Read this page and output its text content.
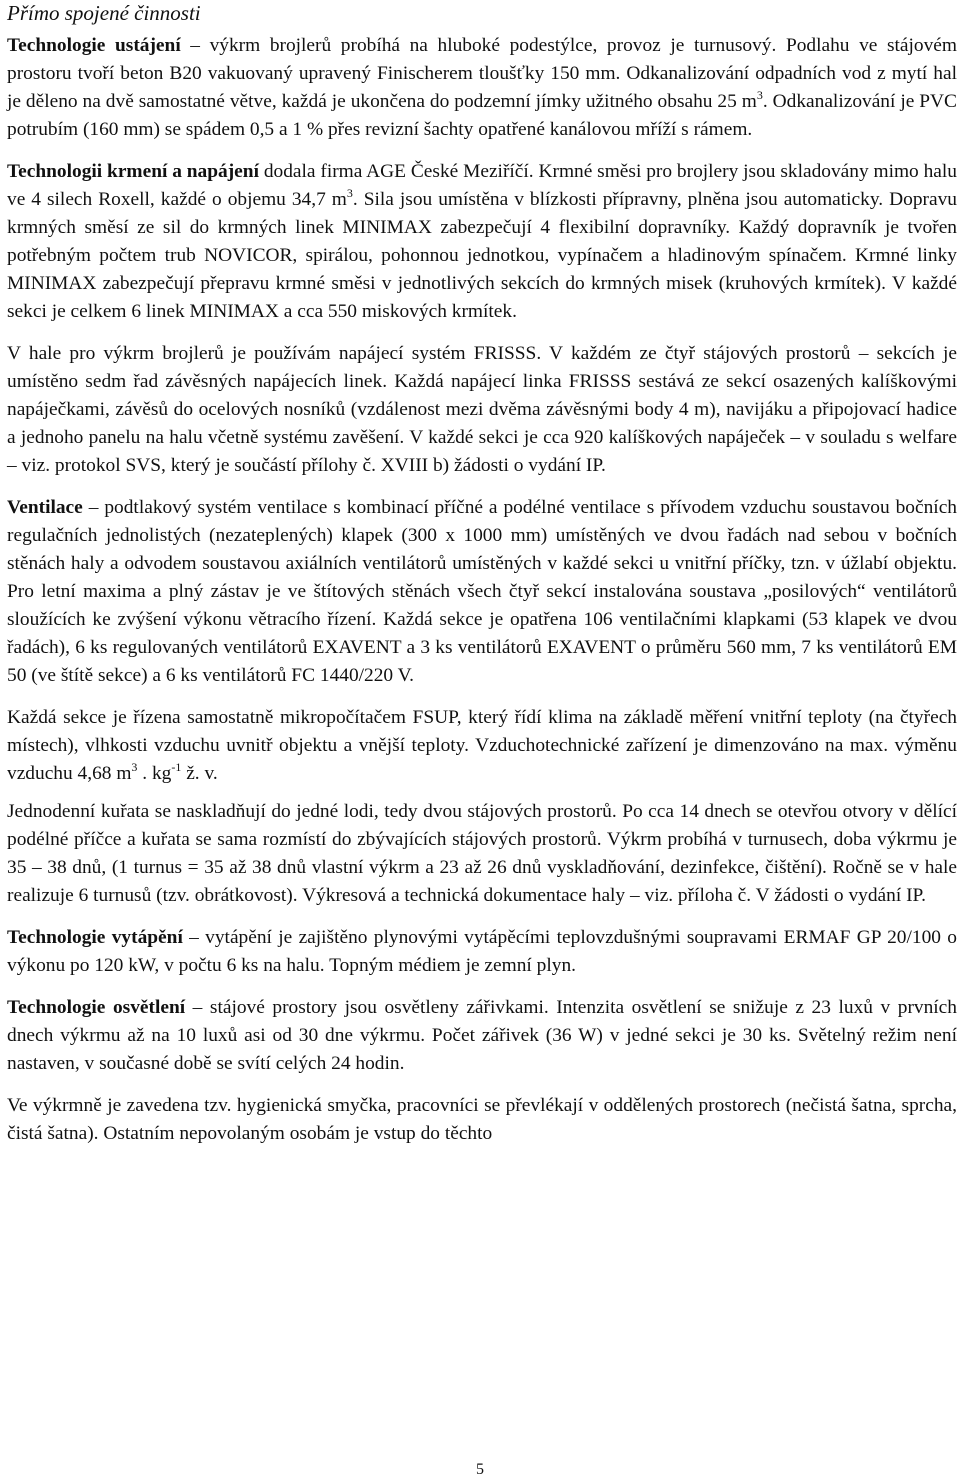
Přímo spojené činnosti

Technologie ustájení – výkrm brojlerů probíhá na hluboké podestýlce, provoz je turnusový. Podlahu ve stájovém prostoru tvoří beton B20 vakuovaný upravený Finischerem tloušťky 150 mm. Odkanalizování odpadních vod z mytí hal je děleno na dvě samostatné větve, každá je ukončena do podzemní jímky užitného obsahu 25 $m^3$. Odkanalizování je PVC potrubím (160 mm) se spádem 0,5 a 1 % přes revizní šachty opatřené kanálovou mříží s rámem.

Technologii krmení a napájení dodala firma AGE České Meziříčí. Krmné směsi pro brojlery jsou skladovány mimo halu ve 4 silech Roxell, každé o objemu 34,7 $m^3$. Sila jsou umístěna v blízkosti přípravny, plněna jsou automaticky. Dopravu krmných směsí ze sil do krmných linek MINIMAX zabezpečují 4 flexibilní dopravníky. Každý dopravník je tvořen potřebným počtem trub NOVICOR, spirálou, pohonnou jednotkou, vypínačem a hladinovým spínačem. Krmné linky MINIMAX zabezpečují přepravu krmné směsi v jednotlivých sekcích do krmných misek (kruhových krmítek). V každé sekci je celkem 6 linek MINIMAX a cca 550 miskových krmítek.

V hale pro výkrm brojlerů je používám napájecí systém FRISSS. V každém ze čtyř stájových prostorů – sekcích je umístěno sedm řad závěsných napájecích linek. Každá napájecí linka FRISSS sestává ze sekcí osazených kalíškovými napáječkami, závěsů do ocelových nosníků (vzdálenost mezi dvěma závěsnými body 4 m), navijáku a připojovací hadice a jednoho panelu na halu včetně systému zavěšení. V každé sekci je cca 920 kalíškových napáječek – v souladu s welfare – viz. protokol SVS, který je součástí přílohy č. XVIII b) žádosti o vydání IP.

Ventilace – podtlakový systém ventilace s kombinací příčné a podélné ventilace s přívodem vzduchu soustavou bočních regulačních jednolistých (nezateplených) klapek (300 x 1000 mm) umístěných ve dvou řadách nad sebou v bočních stěnách haly a odvodem soustavou axiálních ventilátorů umístěných v každé sekci u vnitřní příčky, tzn. v úžlabí objektu. Pro letní maxima a plný zástav je ve štítových stěnách všech čtyř sekcí instalována soustava „posilových“ ventilátorů sloužících ke zvýšení výkonu větracího řízení. Každá sekce je opatřena 106 ventilačními klapkami (53 klapek ve dvou řadách), 6 ks regulovaných ventilátorů EXAVENT a 3 ks ventilátorů EXAVENT o průměru 560 mm, 7 ks ventilátorů EM 50 (ve štítě sekce) a 6 ks ventilátorů FC 1440/220 V.

Každá sekce je řízena samostatně mikropočítačem FSUP, který řídí klima na základě měření vnitřní teploty (na čtyřech místech), vlhkosti vzduchu uvnitř objektu a vnější teploty. Vzduchotechnické zařízení je dimenzováno na max. výměnu vzduchu 4,68 $m^3$ . $kg^{-1}$ ž. v.

Jednodenní kuřata se naskladňují do jedné lodi, tedy dvou stájových prostorů. Po cca 14 dnech se otevřou otvory v dělící podélné příčce a kuřata se sama rozmístí do zbývajících stájových prostorů. Výkrm probíhá v turnusech, doba výkrmu je 35 – 38 dnů, (1 turnus = 35 až 38 dnů vlastní výkrm a 23 až 26 dnů vyskladňování, dezinfekce, čištění). Ročně se v hale realizuje 6 turnusů (tzv. obrátkovost). Výkresová a technická dokumentace haly – viz. příloha č. V žádosti o vydání IP.

Technologie vytápění – vytápění je zajištěno plynovými vytápěcími teplovzdušnými soupravami ERMAF GP 20/100 o výkonu po 120 kW, v počtu 6 ks na halu. Topným médiem je zemní plyn.

Technologie osvětlení – stájové prostory jsou osvětleny zářivkami. Intenzita osvětlení se snižuje z 23 luxů v prvních dnech výkrmu až na 10 luxů asi od 30 dne výkrmu. Počet zářivek (36 W) v jedné sekci je 30 ks. Světelný režim není nastaven, v současné době se svítí celých 24 hodin.

Ve výkrmně je zavedena tzv. hygienická smyčka, pracovníci se převlékají v oddělených prostorech (nečistá šatna, sprcha, čistá šatna). Ostatním nepovolaným osobám je vstup do těchto

5
